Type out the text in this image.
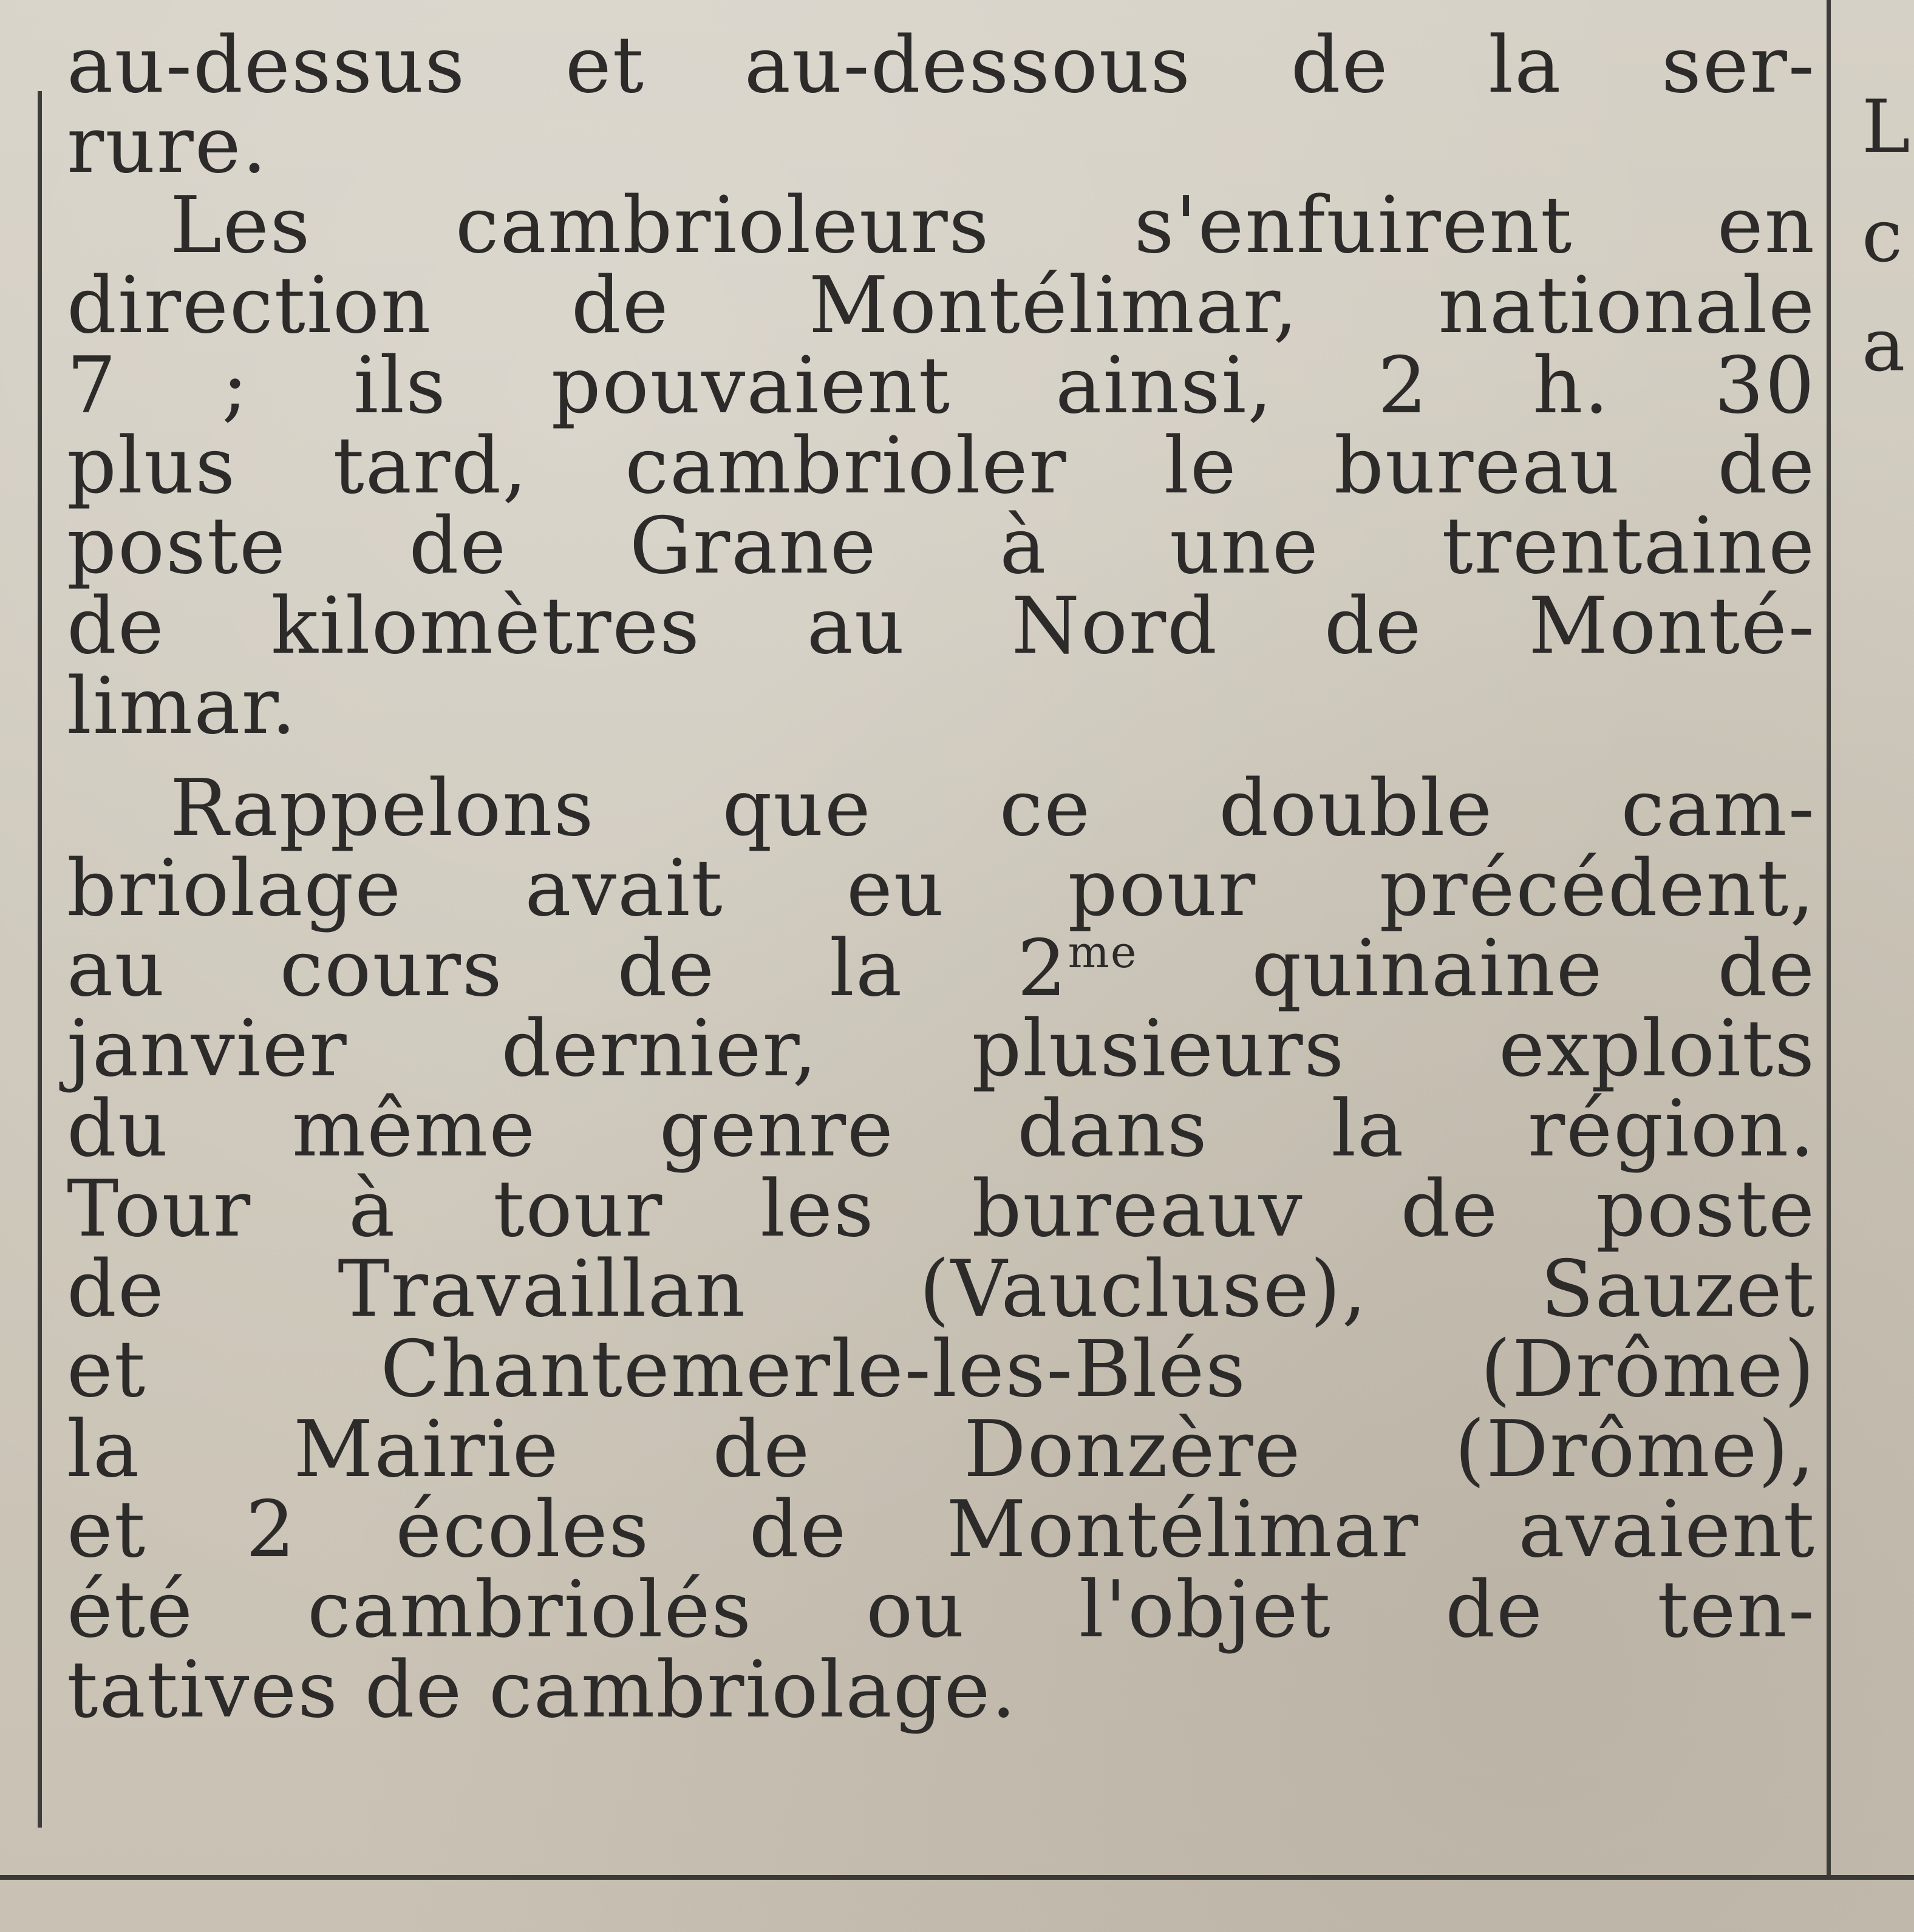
au-dessus et au-dessous de la ser-
rure.
Les cambrioleurs s'enfuirent en
direction de Montélimar, nationale
7 ; ils pouvaient ainsi, 2 h. 30
plus tard, cambrioler le bureau de
poste de Grane à une trentaine
de kilomètres au Nord de Monté-
limar.
Rappelons que ce double cam-
briolage avait eu pour précédent,
au cours de la $2^{me}$ quinaine de
janvier dernier, plusieurs exploits
du même genre dans la région.
Tour à tour les bureauv de poste
de Travaillan (Vaucluse), Sauzet
et Chantemerle-les-Blés (Drôme)
la Mairie de Donzère (Drôme),
et 2 écoles de Montélimar avaient
été cambriolés ou l'objet de ten-
tatives de cambriolage.
L
c
a
